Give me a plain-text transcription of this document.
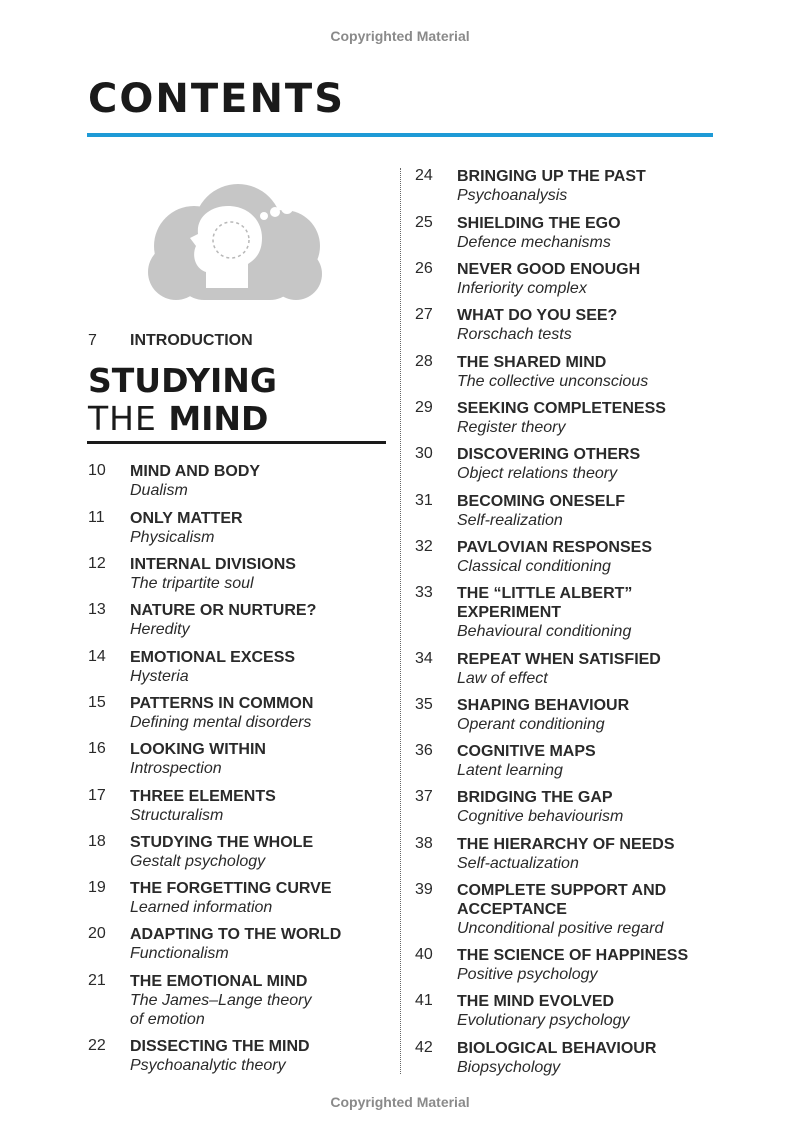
Copyrighted Material
CONTENTS
7 INTRODUCTION
STUDYING
THE MIND
10 MIND AND BODY
Dualism
11 ONLY MATTER
Physicalism
12 INTERNAL DIVISIONS
The tripartite soul
13 NATURE OR NURTURE?
Heredity
14 EMOTIONAL EXCESS
Hysteria
15 PATTERNS IN COMMON
Defining mental disorders
16 LOOKING WITHIN
Introspection
17 THREE ELEMENTS
Structuralism
18 STUDYING THE WHOLE
Gestalt psychology
19 THE FORGETTING CURVE
Learned information
20 ADAPTING TO THE WORLD
Functionalism
21 THE EMOTIONAL MIND
The James–Lange theory
of emotion
22 DISSECTING THE MIND
Psychoanalytic theory
24 BRINGING UP THE PAST
Psychoanalysis
25 SHIELDING THE EGO
Defence mechanisms
26 NEVER GOOD ENOUGH
Inferiority complex
27 WHAT DO YOU SEE?
Rorschach tests
28 THE SHARED MIND
The collective unconscious
29 SEEKING COMPLETENESS
Register theory
30 DISCOVERING OTHERS
Object relations theory
31 BECOMING ONESELF
Self-realization
32 PAVLOVIAN RESPONSES
Classical conditioning
33 THE “LITTLE ALBERT”
EXPERIMENT
Behavioural conditioning
34 REPEAT WHEN SATISFIED
Law of effect
35 SHAPING BEHAVIOUR
Operant conditioning
36 COGNITIVE MAPS
Latent learning
37 BRIDGING THE GAP
Cognitive behaviourism
38 THE HIERARCHY OF NEEDS
Self-actualization
39 COMPLETE SUPPORT AND
ACCEPTANCE
Unconditional positive regard
40 THE SCIENCE OF HAPPINESS
Positive psychology
41 THE MIND EVOLVED
Evolutionary psychology
42 BIOLOGICAL BEHAVIOUR
Biopsychology
Copyrighted Material
